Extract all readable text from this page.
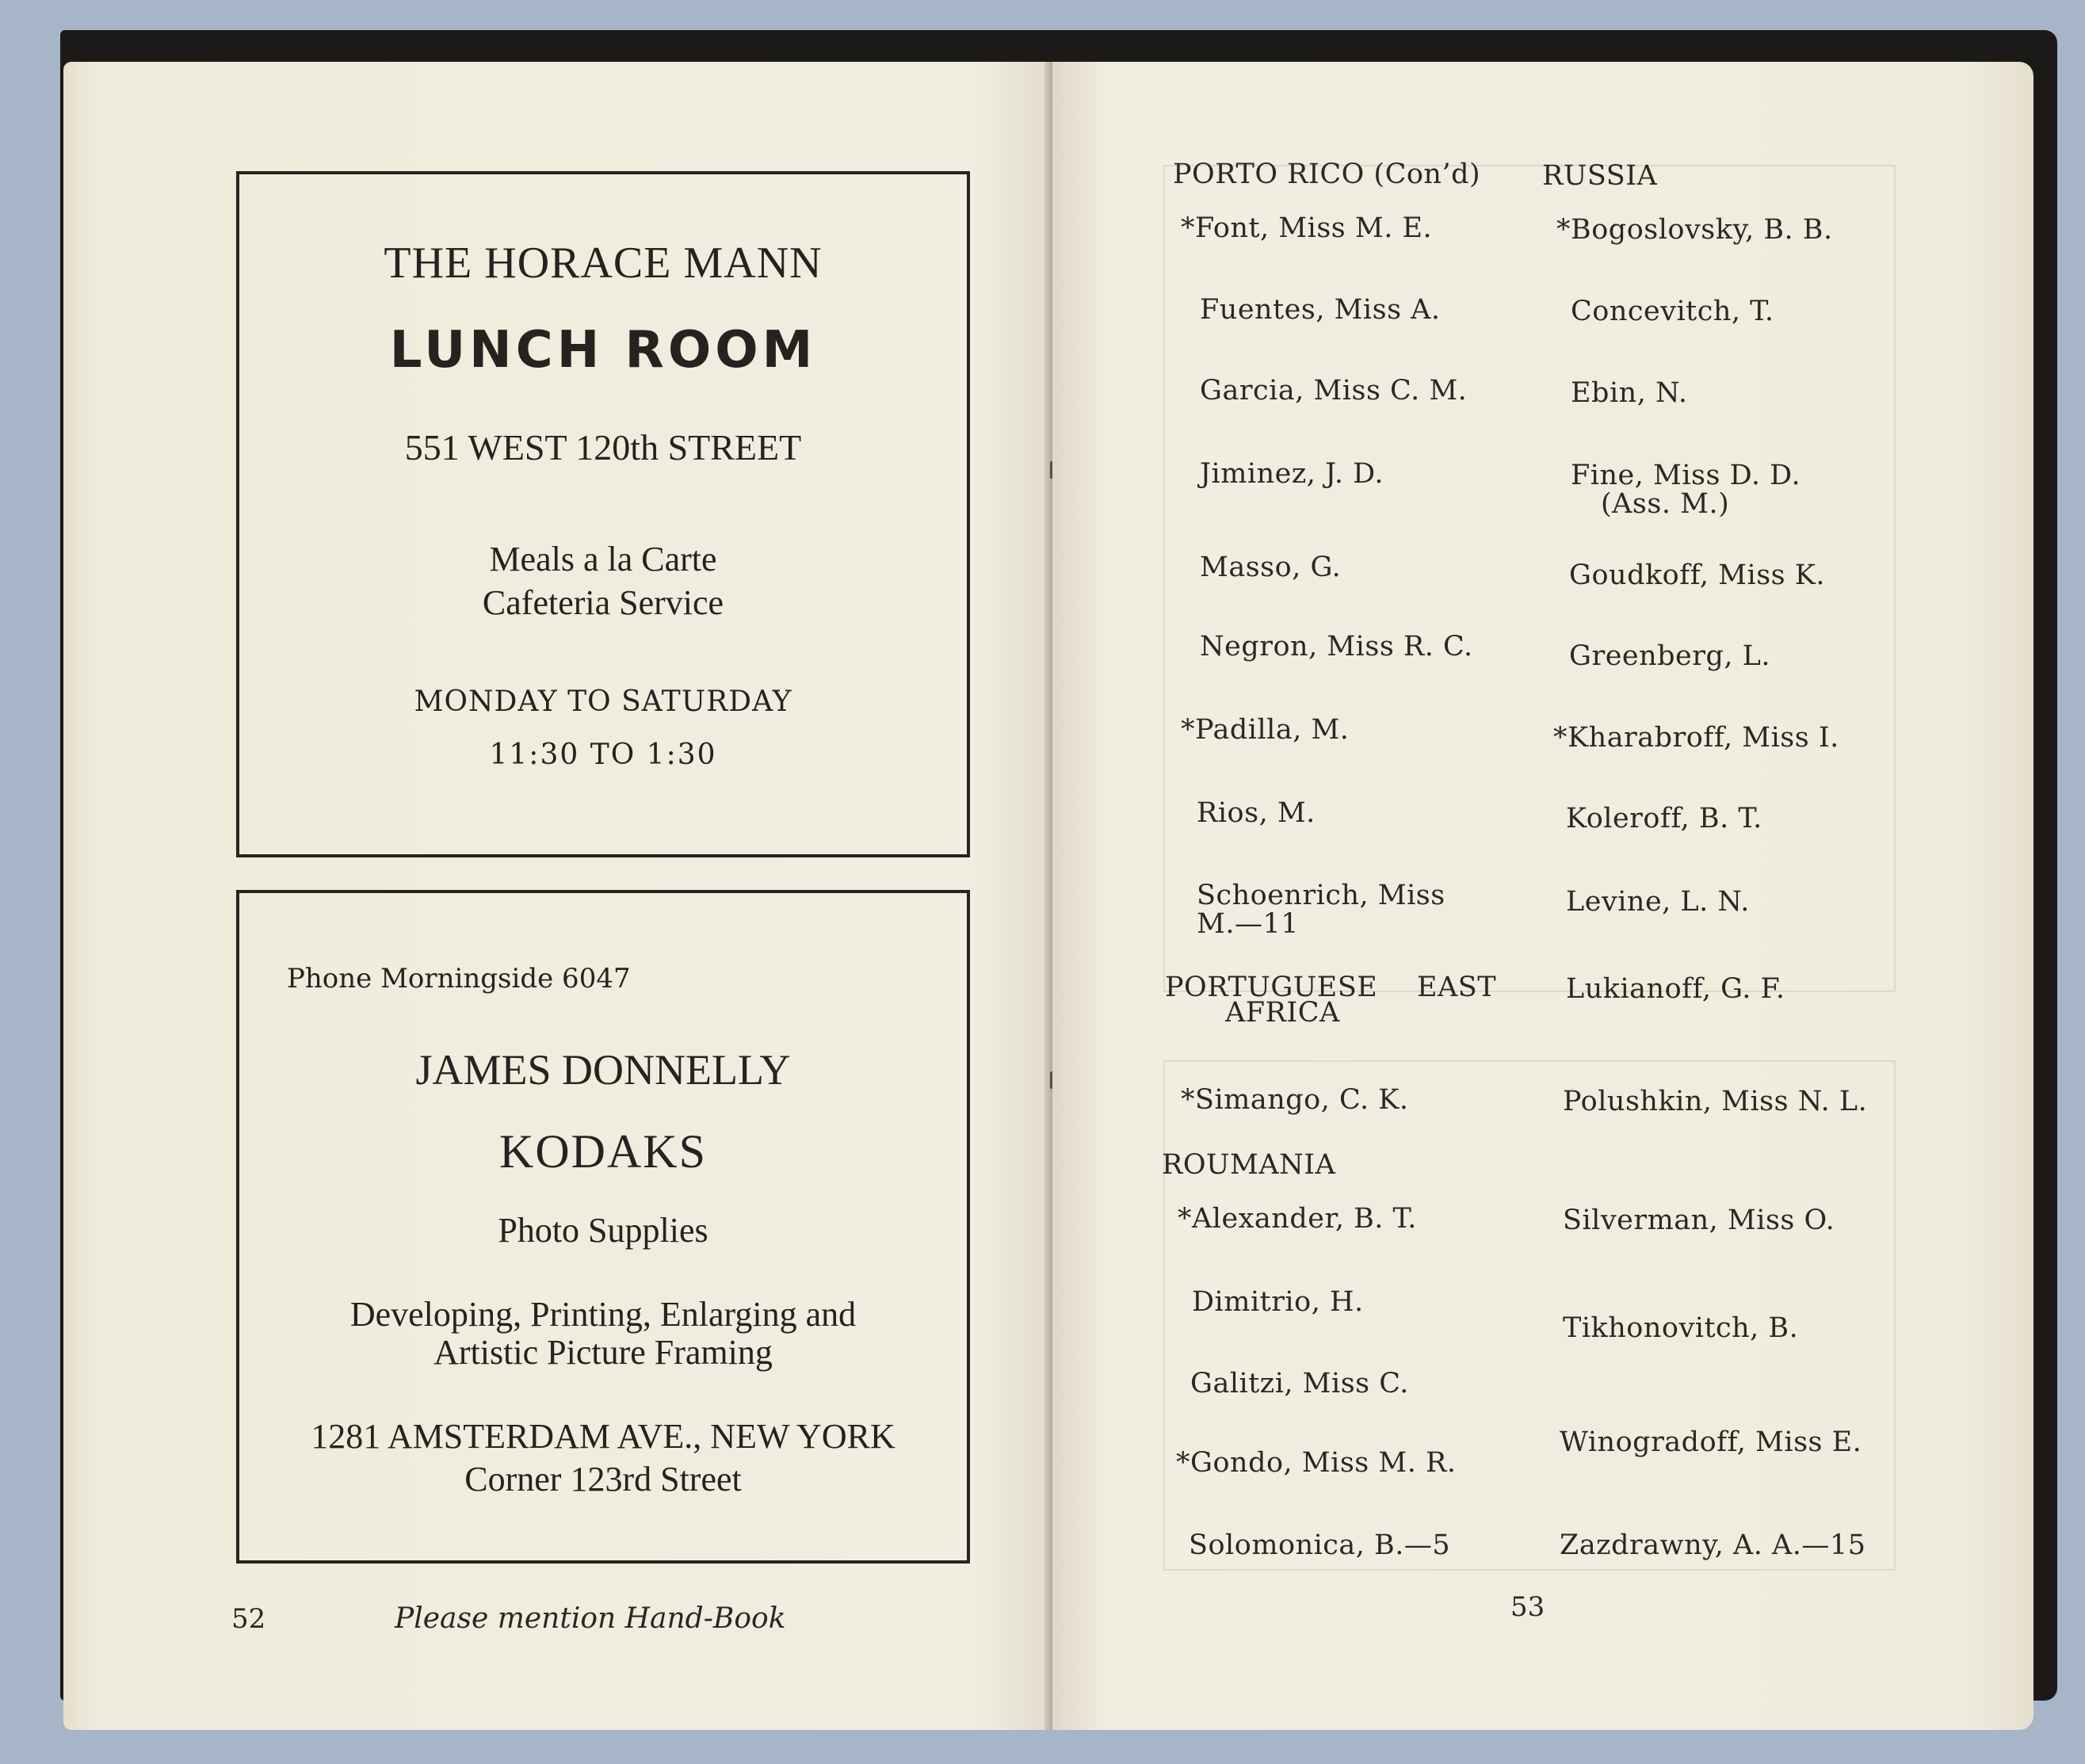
THE HORACE MANN
LUNCH ROOM
551 WEST 120th STREET
Meals a la Carte
Cafeteria Service
MONDAY TO SATURDAY
11:30 TO 1:30
Phone Morningside 6047
JAMES DONNELLY
KODAKS
Photo Supplies
Developing, Printing, Enlarging and Artistic Picture Framing
1281 AMSTERDAM AVE., NEW YORK
Corner 123rd Street
52	Please mention Hand-Book
PORTO RICO (Con’d)
*Font, Miss M. E.
Fuentes, Miss A.
Garcia, Miss C. M.
Jiminez, J. D.
Masso, G.
Negron, Miss R. C.
*Padilla, M.
Rios, M.
Schoenrich, Miss
M.—11
PORTUGUESE EAST
AFRICA
*Simango, C. K.
ROUMANIA
*Alexander, B. T.
Dimitrio, H.
Galitzi, Miss C.
*Gondo, Miss M. R.
Solomonica, B.—5
RUSSIA
*Bogoslovsky, B. B.
Concevitch, T.
Ebin, N.
Fine, Miss D. D.
(Ass. M.)
Goudkoff, Miss K.
Greenberg, L.
*Kharabroff, Miss I.
Koleroff, B. T.
Levine, L. N.
Lukianoff, G. F.
Polushkin, Miss N. L.
Silverman, Miss O.
Tikhonovitch, B.
Winogradoff, Miss E.
Zazdrawny, A. A.—15
53
